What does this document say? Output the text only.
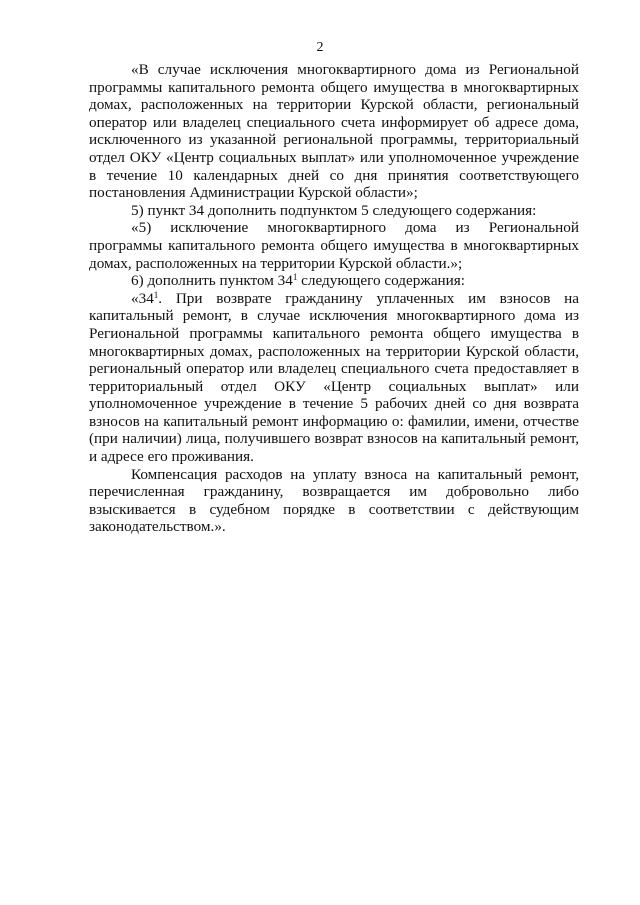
2

«В случае исключения многоквартирного дома из Региональной программы капитального ремонта общего имущества в многоквартирных домах, расположенных на территории Курской области, региональный оператор или владелец специального счета информирует об адресе дома, исключенного из указанной региональной программы, территориальный отдел ОКУ «Центр социальных выплат» или уполномоченное учреждение в течение 10 календарных дней со дня принятия соответствующего постановления Администрации Курской области»;

5) пункт 34 дополнить подпунктом 5 следующего содержания:

«5) исключение многоквартирного дома из Региональной программы капитального ремонта общего имущества в многоквартирных домах, расположенных на территории Курской области.»;

6) дополнить пунктом $34^1$ следующего содержания:

«$34^1$. При возврате гражданину уплаченных им взносов на капитальный ремонт, в случае исключения многоквартирного дома из Региональной программы капитального ремонта общего имущества в многоквартирных домах, расположенных на территории Курской области, региональный оператор или владелец специального счета предоставляет в территориальный отдел ОКУ «Центр социальных выплат» или уполномоченное учреждение в течение 5 рабочих дней со дня возврата взносов на капитальный ремонт информацию о: фамилии, имени, отчестве (при наличии) лица, получившего возврат взносов на капитальный ремонт, и адресе его проживания.

Компенсация расходов на уплату взноса на капитальный ремонт, перечисленная гражданину, возвращается им добровольно либо взыскивается в судебном порядке в соответствии с действующим законодательством.».
